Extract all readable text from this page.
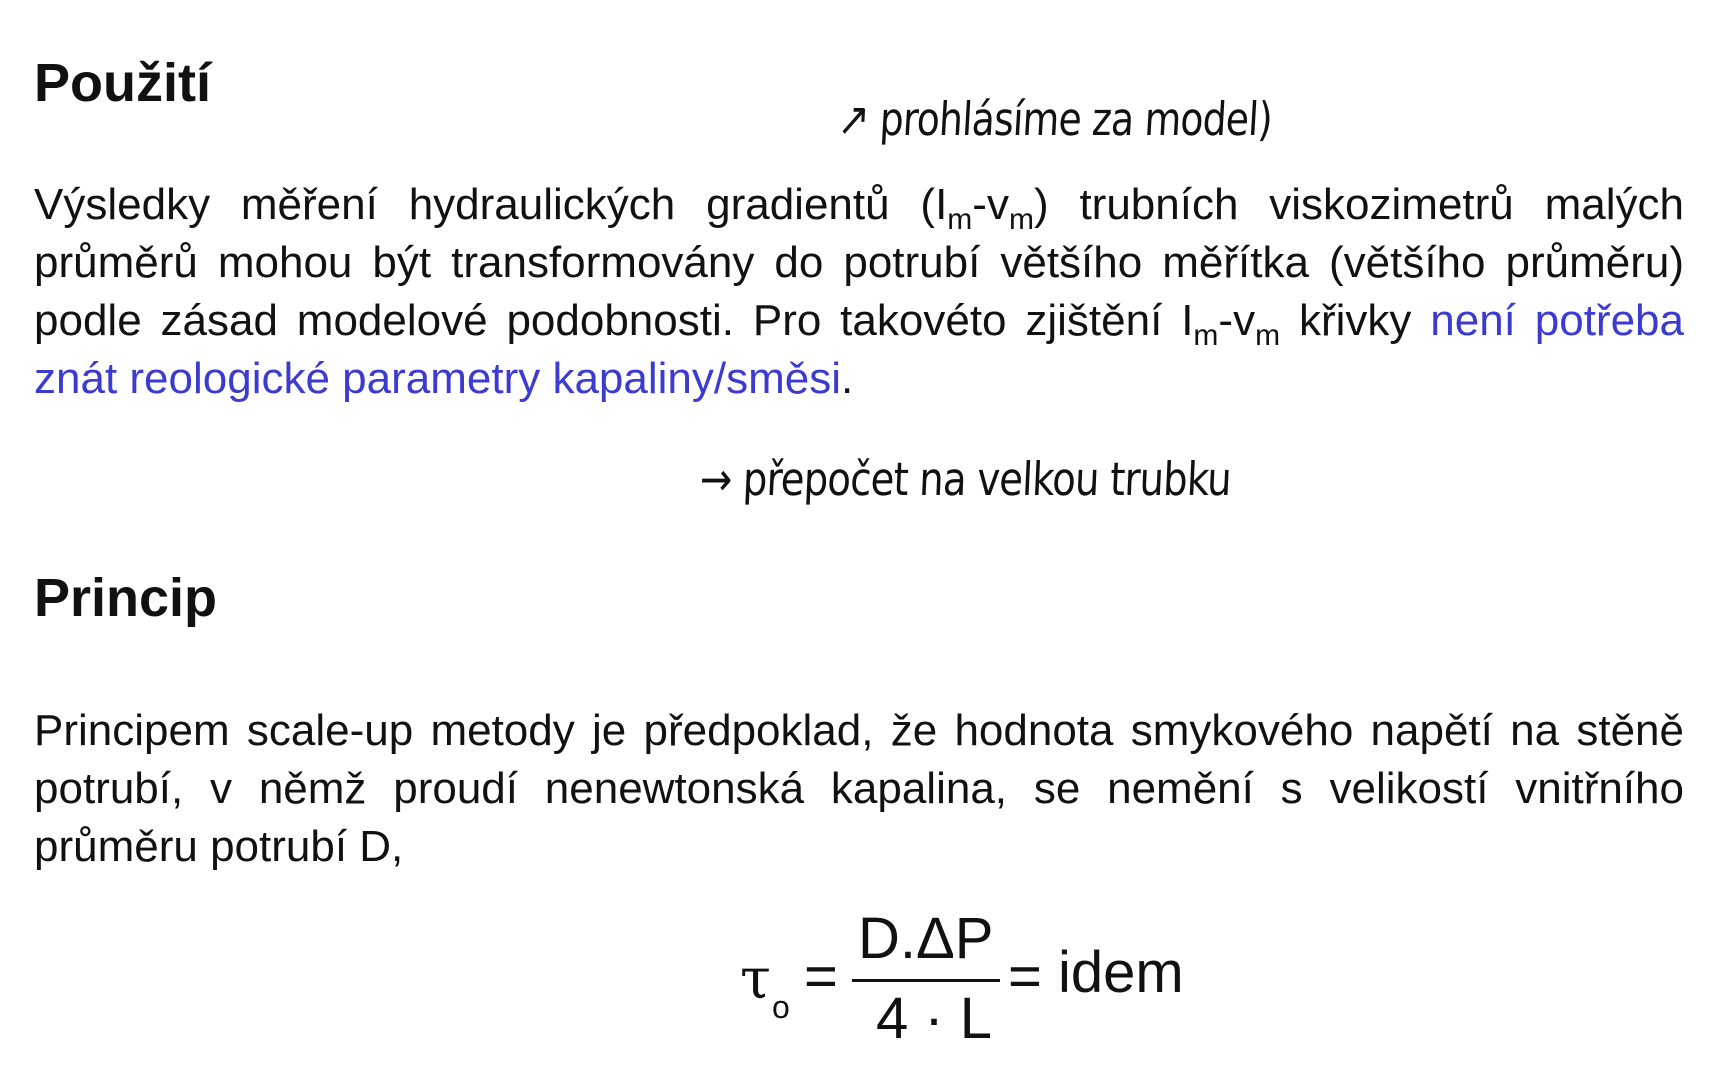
Použití
↗ prohlásíme za model)

Výsledky měření hydraulických gradientů $(I_m-v_m)$ trubních viskozimetrů malých průměrů mohou být transformovány do potrubí většího měřítka (většího průměru) podle zásad modelové podobnosti. Pro takovéto zjištění $I_m-v_m$ křivky není potřeba znát reologické parametry kapaliny/směsi.

→ přepočet na velkou trubku
Princip

Principem scale-up metody je předpoklad, že hodnota smykového napětí na stěně potrubí, v němž proudí nenewtonská kapalina, se nemění s velikostí vnitřního průměru potrubí D,

τ o =
D.ΔP
4 · L
= idem
